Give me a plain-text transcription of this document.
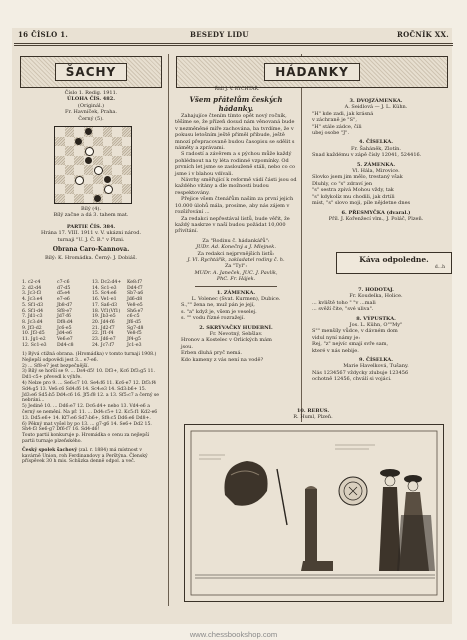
16 ČÍSLO 1.	BESEDY LIDU	ROČNÍK XX.
ŠACHY

Číslo 1. Redig. 1911.

ÚLOHA ČÍS. 482.

(Originál.)

Fr. Havníček, Praha.

Černý (5).

Bílý (4).

Bílý začne a dá 3. tahem mat.

PARTIE ČÍS. 384.

Hrána 17. VIII. 1911 v. V. ukázni národ.

turnaji "U. J. Č. B." v Plzni.

Obrana Caro-Kannova.

Bílý: K. Hromádka. Černý: J. Dobiáš.

1. c2-c4	c7-c6	13. Dc2:d4+	Ke8:f7
2. d2-d4	d7-d5	14. Sc1-e3	Dd4-f7
3. Jc3-f3	d5:e4	15. Sc4:e6	Sb7-a6
4. Jc3:e4	e7-e6	16. Ve1-e1	Jd6-d8
5. Sf1-d3	Jb8-d7	17. Sa6-d3	Ve8-e5
6. Sf1-d4	Sf8-e7	18. Vf1(Vf1)	Sh6:e7
7. Jd1-c3	Jd7-f6	19. Jb3-e5	c6-c5
8. Jc3:d4	Df8:d4	20. Jd4-f6	Jf6-d5
9. Jf3-d2	Jc6-e5	21. Jd2-f7	Sg7-d8
10. Jf3-d5	Jd4-e6	22. Jf1-f4	Ve8-f5
11. Jg1-e2	Ve6:e7	23. Jd6-e7	Jf4-g5
12. Sc1-e3	Dd4-c8	24. Jc7:f7	Jc1-e3

1) Bývá ctižná obrana. (Hromádka) v tomto turnaji 1908.) Nejlepší odpovědi jest 3... e7-e6.

2) ... Sf8-e7 jest bezpečnější.

3) Bílý se horší se 9. ... Ds4-d5! 10. Df3+, Kc6 Df3:g5 11. Dd1-c5+ převedl k výhře.

4) Nelze pro 9. ... Se6:c7 10. Se4:f6 11. Kc6-e7 12. Df3:f4 Sd4:g5 13. Ve6:c6 Sd4:f6 14. Sc4:e3 14. Sd3:b6+ 15. Jd3:e6 Sd5:h5 Dd4:c6 16. Jf5:f8 12. a 13. Sf5:c7 a černý se nebráni...

5) Jedině 10. ... Dd6:e7 12. Dc6:d4+ nebo 13. Vd4-e6 a černý se nemění. Na př. 11. ... Dd4:c5+ 12. Kc5:f1 Kd2-e6 13. Dd5:e6+ 14. Kf7:e6 Sd7:b6+, Sf8:c5 Dd6:e6 Dd8+.

6) Pěkný mat vyšel by po 13. ... g7-g6 14. Se6+ Dd2 15. Sh4-f3 Se6-g7 Df6-f7 16. Sd4-d6!

Touto partií konkuruje p. Hromádka o cenu za nejlepší partii turnaje plzeňského.

Český spolek šachový (zal. r. 1884) má místnost v kavárně Union, roh Ferdinandovy a Perštýna. Členský příspěvek 30 h mis. Schůzka denně odpol. a več.

HÁDANKY
Řídí J. V. RYCHTÁŘ.

Všem přátelům českých hádanky.

Zahajujíce čtením tímto opět nový ročník, těšíme se, že přízeň dosud nám věnovaná bude v nezměněné míře zachována, ba tvrdíme, že v pokusu letošním ještě přiměl přibude, ještě mnozí přepracovaně budou časopisu se sdělit s náměty a zprávami.

S radostí a závěrem a s pýchou může každý pohlédnout na ty léta rodinné vzpomínky. Od prvních let jsme se zaslouženě stáli, nebo co co jsme i v blahou vdívali.

Návrhy směřující k reformě vádí části jsou od každého vítány a dle možnosti budou respektovány.

Přejice všem čtenářům naším za první jejich 10.000 úlohů mála, prosíme, aby nás zájem v rozšiřování ...

Za redakci nepřestával listů, bude věřit, že každý naskrze v naší budou požádat 10,000 přivítání.

Za "Rodinu č. hádankářů":

JUDr. Ad. Konečný a J. Mlejnek.

Za redakci nejprvnějších listů:

J. Vl. Rychtářík, zakladatel rodiny č. h.

Za "Tyl":

MUDr. A. Janeček, JUC. J. Pavlík,

PhC. Fr. Hájek.

1. ZÁMENKA.

L. Volenec (Svat. Kurmen), Dubice.

S.,"" žena ne, muž pán je její,

s. "a" když je, všem je veselej.

s. "" vodu řízné rozražejí.

2. SKRÝVAČKY HUDEBNÍ.

Fr. Nevotný, Sebšlav.

Hronov a Kostelec v Orlických mám

jsou.

Erben dluhá pryč nemá.

Kdo kameny z vás není na vodě?

3. DVOJZÁMENKA.

A. Seidlová — J. L. Kühn.

"H" kde zadi, jak krásná

v záchraně je "S",

"H" stále zádce, čili

ubej osobe "J".

4. ČÍSELKA.

Fr. Šaháněk, Zlotín.

Snad každému v zápě čísly 12041, 524416.

5. ZÁMENKA.

Vl. Hála, Mirovice.

Slovko jsem jim mělo, trestaný však

Dluhly, co "s" zdraví jen

"s" sestra zpívá Mohou vždy, tak

"s" kdykolíz mu chodili, jak drtili

míst, "s" slovo moji, píle nějdetne dnes

6. PŘESMYČKA (dvaral.)

Příl. J. Kořenžecí vlm., J. Poláč, Plzeň.

Káva odpoledne.
d...h

7. HODOTAJ.

Fr. Koudelka, Holice.

... kvliště toho " "v ...mali

... svěží čite, "své uliva".

8. VÝPUSTKA.

Jos. L. Kühn, O""My"

S"" menšíly vůdce, v dávném dom

vidul nyní námy je:

Rej, "z" nejvíc smají svře sam,

které v nás nebije.

9. ČÍSELKA.

Marie Havelková, Tušany.

Nás 1234567 vždycky zlubuje 123456

ochotně 12456, chválí si vojáci.

10. REBUS.

R. Huml, Plzeň.

www.chessbookshop.com
